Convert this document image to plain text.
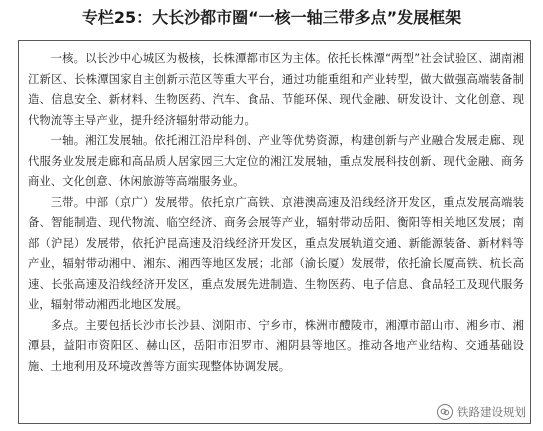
专栏25：大长沙都市圈“一核一轴三带多点”发展框架

一核。以长沙中心城区为极核，长株潭都市区为主体。依托长株潭“两型”社会试验区、湖南湘江新区、长株潭国家自主创新示范区等重大平台，通过功能重组和产业转型，做大做强高端装备制造、信息安全、新材料、生物医药、汽车、食品、节能环保、现代金融、研发设计、文化创意、现代物流等主导产业，提升经济辐射带动能力。

一轴。湘江发展轴。依托湘江沿岸科创、产业等优势资源，构建创新与产业融合发展走廊、现代服务业发展走廊和高品质人居家园三大定位的湘江发展轴，重点发展科技创新、现代金融、商务商业、文化创意、休闲旅游等高端服务业。

三带。中部（京广）发展带。依托京广高铁、京港澳高速及沿线经济开发区，重点发展高端装备、智能制造、现代物流、临空经济、商务会展等产业，辐射带动岳阳、衡阳等相关地区发展；南部（沪昆）发展带，依托沪昆高速及沿线经济开发区，重点发展轨道交通、新能源装备、新材料等产业，辐射带动湘中、湘东、湘西等地区发展；北部（渝长厦）发展带，依托渝长厦高铁、杭长高速、长张高速及沿线经济开发区，重点发展先进制造、生物医药、电子信息、食品轻工及现代服务业，辐射带动湘西北地区发展。

多点。主要包括长沙市长沙县、浏阳市、宁乡市，株洲市醴陵市，湘潭市韶山市、湘乡市、湘潭县，益阳市资阳区、赫山区，岳阳市汨罗市、湘阴县等地区。推动各地产业结构、交通基础设施、土地利用及环境改善等方面实现整体协调发展。

铁路建设规划
